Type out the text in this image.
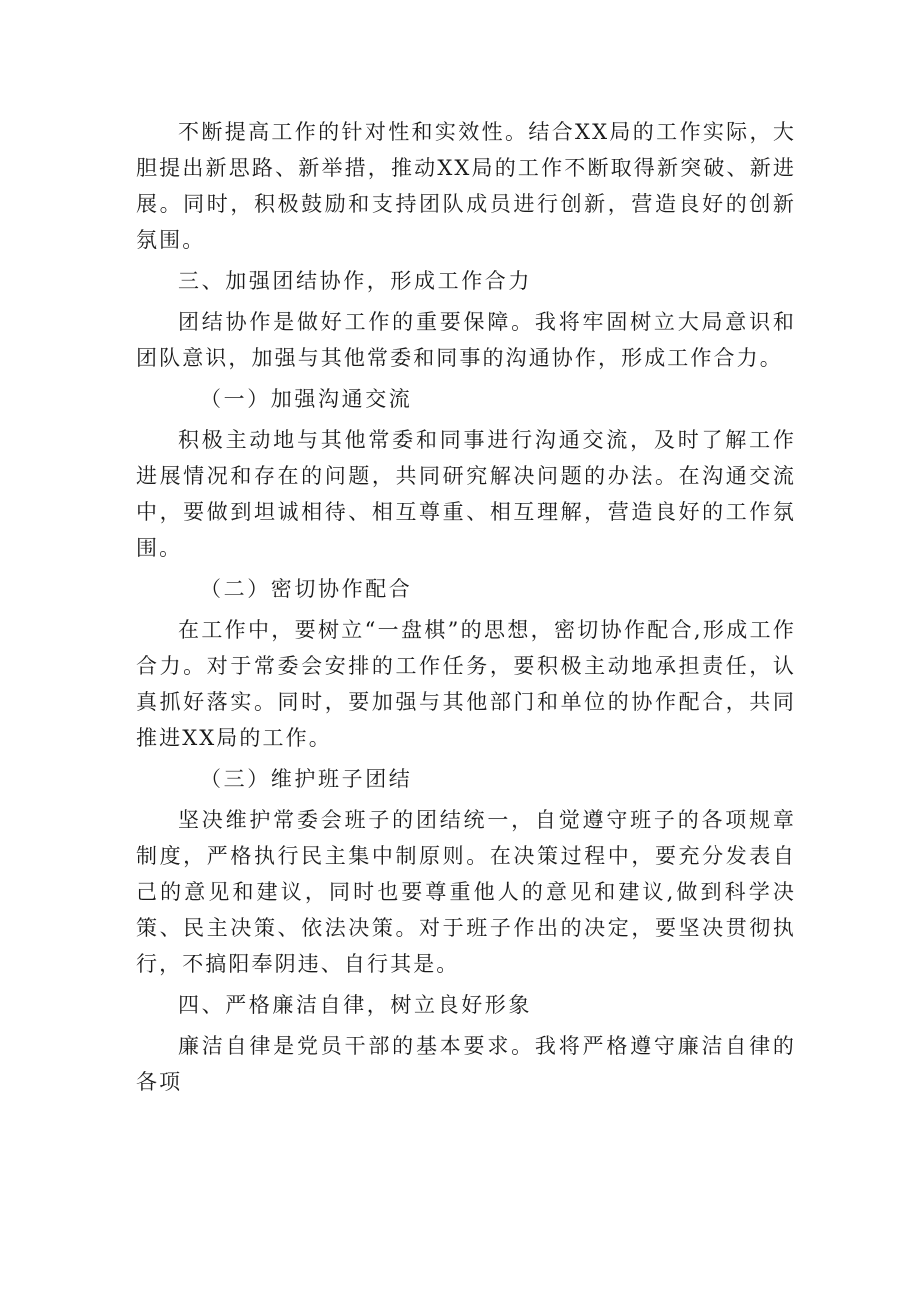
不断提高工作的针对性和实效性。结合XX局的工作实际，大胆提出新思路、新举措，推动XX局的工作不断取得新突破、新进展。同时，积极鼓励和支持团队成员进行创新，营造良好的创新氛围。

三、加强团结协作，形成工作合力

团结协作是做好工作的重要保障。我将牢固树立大局意识和团队意识，加强与其他常委和同事的沟通协作，形成工作合力。

（一）加强沟通交流

积极主动地与其他常委和同事进行沟通交流，及时了解工作进展情况和存在的问题，共同研究解决问题的办法。在沟通交流中，要做到坦诚相待、相互尊重、相互理解，营造良好的工作氛围。

（二）密切协作配合

在工作中，要树立“一盘棋”的思想，密切协作配合,形成工作合力。对于常委会安排的工作任务，要积极主动地承担责任，认真抓好落实。同时，要加强与其他部门和单位的协作配合，共同推进XX局的工作。

（三）维护班子团结

坚决维护常委会班子的团结统一，自觉遵守班子的各项规章制度，严格执行民主集中制原则。在决策过程中，要充分发表自己的意见和建议，同时也要尊重他人的意见和建议,做到科学决策、民主决策、依法决策。对于班子作出的决定，要坚决贯彻执行，不搞阳奉阴违、自行其是。

四、严格廉洁自律，树立良好形象

廉洁自律是党员干部的基本要求。我将严格遵守廉洁自律的各项
